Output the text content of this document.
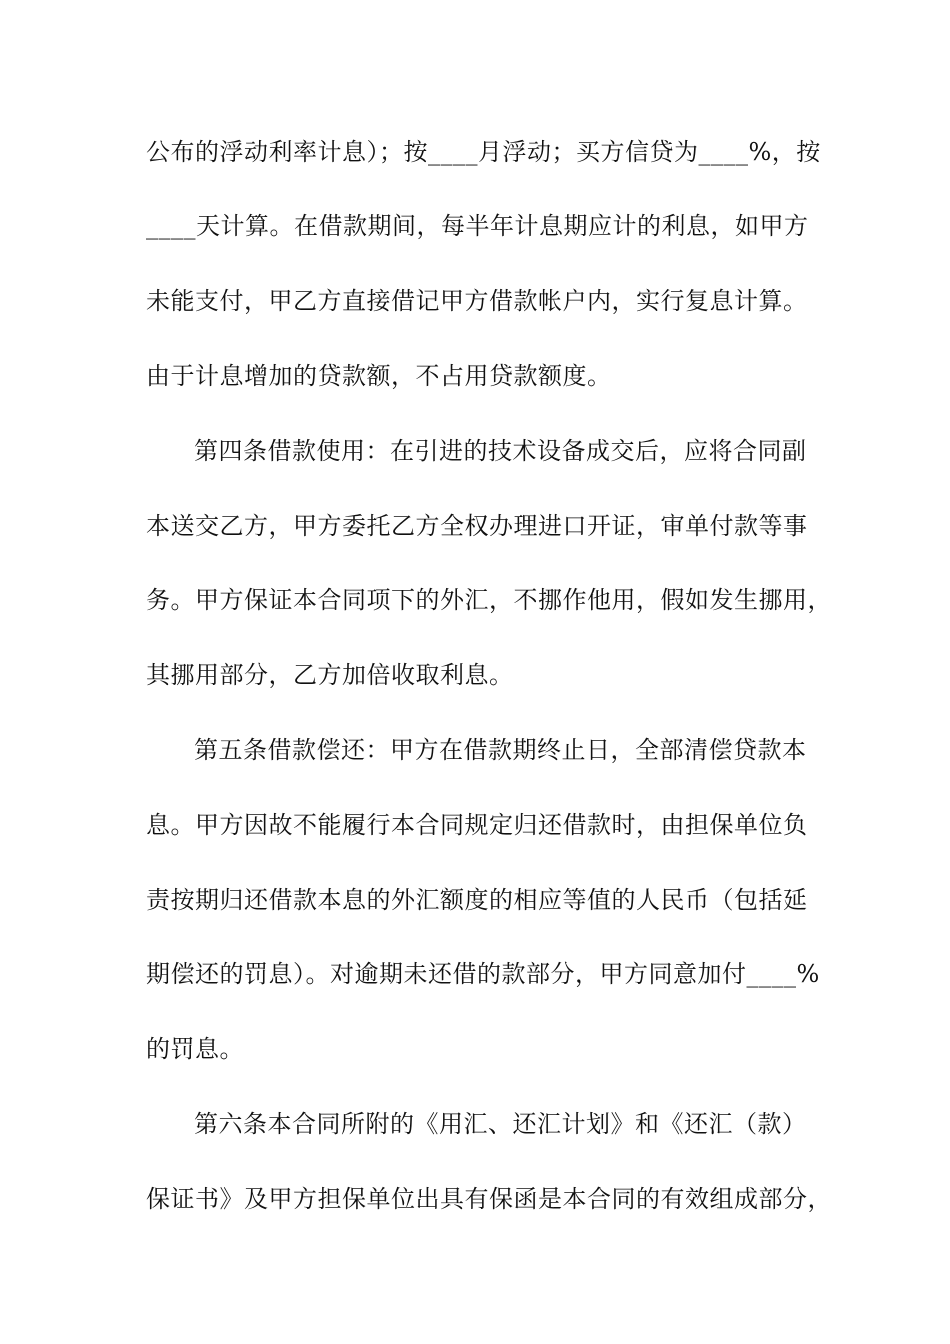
公布的浮动利率计息）；按____月浮动；买方信贷为____%，按
____天计算。在借款期间，每半年计息期应计的利息，如甲方
未能支付，甲乙方直接借记甲方借款帐户内，实行复息计算。
由于计息增加的贷款额，不占用贷款额度。
第四条借款使用：在引进的技术设备成交后，应将合同副
本送交乙方，甲方委托乙方全权办理进口开证，审单付款等事
务。甲方保证本合同项下的外汇，不挪作他用，假如发生挪用，
其挪用部分，乙方加倍收取利息。
第五条借款偿还：甲方在借款期终止日，全部清偿贷款本
息。甲方因故不能履行本合同规定归还借款时，由担保单位负
责按期归还借款本息的外汇额度的相应等值的人民币（包括延
期偿还的罚息）。对逾期未还借的款部分，甲方同意加付____%
的罚息。
第六条本合同所附的《用汇、还汇计划》和《还汇（款）
保证书》及甲方担保单位出具有保函是本合同的有效组成部分，
